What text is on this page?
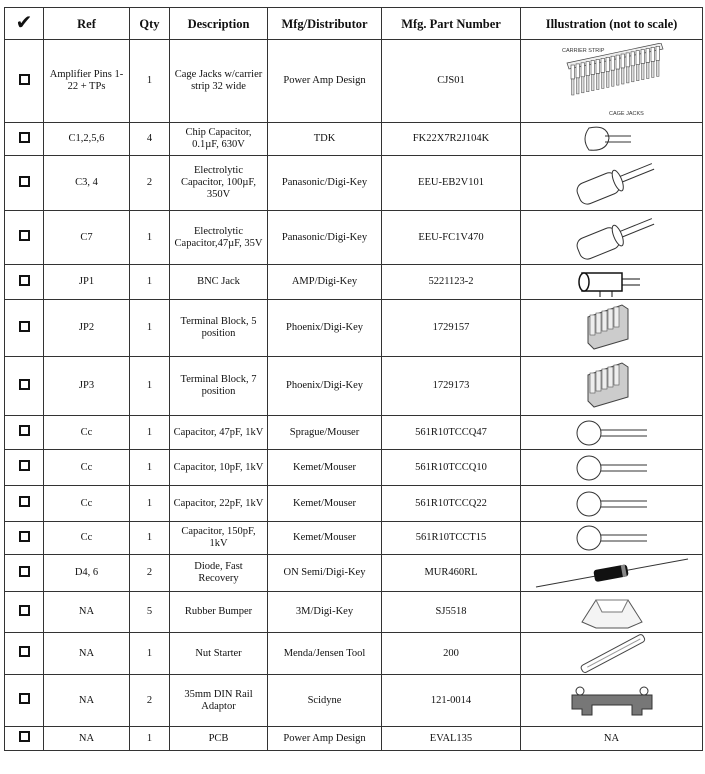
✔	Ref	Qty	Description	Mfg/Distributor	Mfg. Part Number	Illustration (not to scale)
	Amplifier Pins 1-22 + TPs	1	Cage Jacks w/carrier strip 32 wide	Power Amp Design	CJS01	CARRIER STRIP
CAGE JACKS

	C1,2,5,6	4	Chip Capacitor, 0.1µF, 630V	TDK	FK22X7R2J104K	

	C3, 4	2	Electrolytic Capacitor, 100µF, 350V	Panasonic/Digi-Key	EEU-EB2V101	

	C7	1	Electrolytic Capacitor,47µF, 35V	Panasonic/Digi-Key	EEU-FC1V470	

	JP1	1	BNC Jack	AMP/Digi-Key	5221123-2	

	JP2	1	Terminal Block, 5 position	Phoenix/Digi-Key	1729157	

	JP3	1	Terminal Block, 7 position	Phoenix/Digi-Key	1729173	

	Cc	1	Capacitor, 47pF, 1kV	Sprague/Mouser	561R10TCCQ47	

	Cc	1	Capacitor, 10pF, 1kV	Kemet/Mouser	561R10TCCQ10	

	Cc	1	Capacitor, 22pF, 1kV	Kemet/Mouser	561R10TCCQ22	

	Cc	1	Capacitor, 150pF, 1kV	Kemet/Mouser	561R10TCCT15	

	D4, 6	2	Diode, Fast Recovery	ON Semi/Digi-Key	MUR460RL	

	NA	5	Rubber Bumper	3M/Digi-Key	SJ5518	

	NA	1	Nut Starter	Menda/Jensen Tool	200	

	NA	2	35mm DIN Rail Adaptor	Scidyne	121-0014	

	NA	1	PCB	Power Amp Design	EVAL135	NA
